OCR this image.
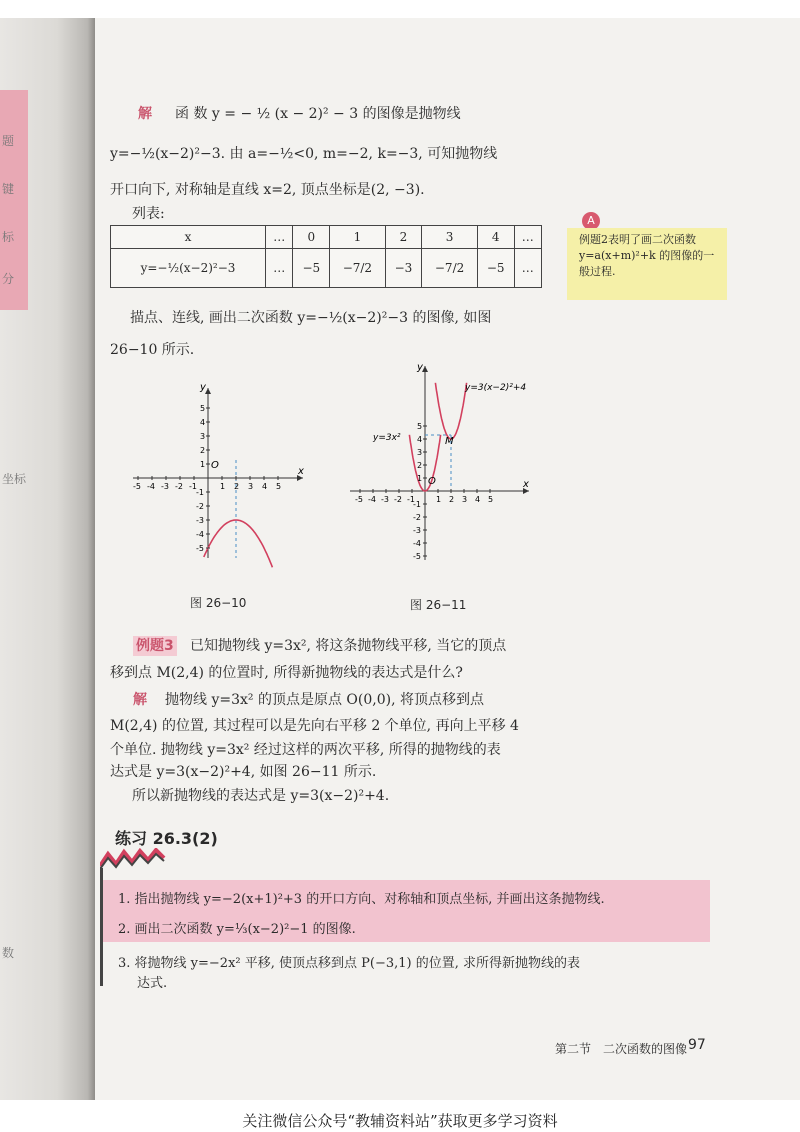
题
键
标
分
坐标
数
解 函 数 y = − ½ (x − 2)² − 3 的图像是抛物线
y=−½(x−2)²−3. 由 a=−½<0, m=−2, k=−3, 可知抛物线
开口向下, 对称轴是直线 x=2, 顶点坐标是(2, −3).
列表:
x	…	0	1	2	3	4	…
y=−½(x−2)²−3	…	−5	−7/2	−3	−7/2	−5	…
A
例题2表明了画二次函数 y=a(x+m)²+k 的图像的一般过程.
描点、连线, 画出二次函数 y=−½(x−2)²−3 的图像, 如图
26−10 所示.
x
y
O
-5 -4 -3 -2 -1	1 2 3 4 5
5
4
3
2
1
-1
-2
-3
-4
-5
图 26−10
x
y
O
y=3x²
y=3(x−2)²+4
M
-5 -4 -3 -2 -1	1 2 3 4 5
5
4
3
2
1
-1
-2
-3
-4
-5
图 26−11
例题3 已知抛物线 y=3x², 将这条抛物线平移, 当它的顶点
移到点 M(2,4) 的位置时, 所得新抛物线的表达式是什么?
解 抛物线 y=3x² 的顶点是原点 O(0,0), 将顶点移到点
M(2,4) 的位置, 其过程可以是先向右平移 2 个单位, 再向上平移 4
个单位. 抛物线 y=3x² 经过这样的两次平移, 所得的抛物线的表
达式是 y=3(x−2)²+4, 如图 26−11 所示.
所以新抛物线的表达式是 y=3(x−2)²+4.
练习 26.3(2)
1. 指出抛物线 y=−2(x+1)²+3 的开口方向、对称轴和顶点坐标, 并画出这条抛物线.
2. 画出二次函数 y=⅓(x−2)²−1 的图像.
3. 将抛物线 y=−2x² 平移, 使顶点移到点 P(−3,1) 的位置, 求所得新抛物线的表
达式.
第二节　二次函数的图像 97
关注微信公众号“教辅资料站”获取更多学习资料
